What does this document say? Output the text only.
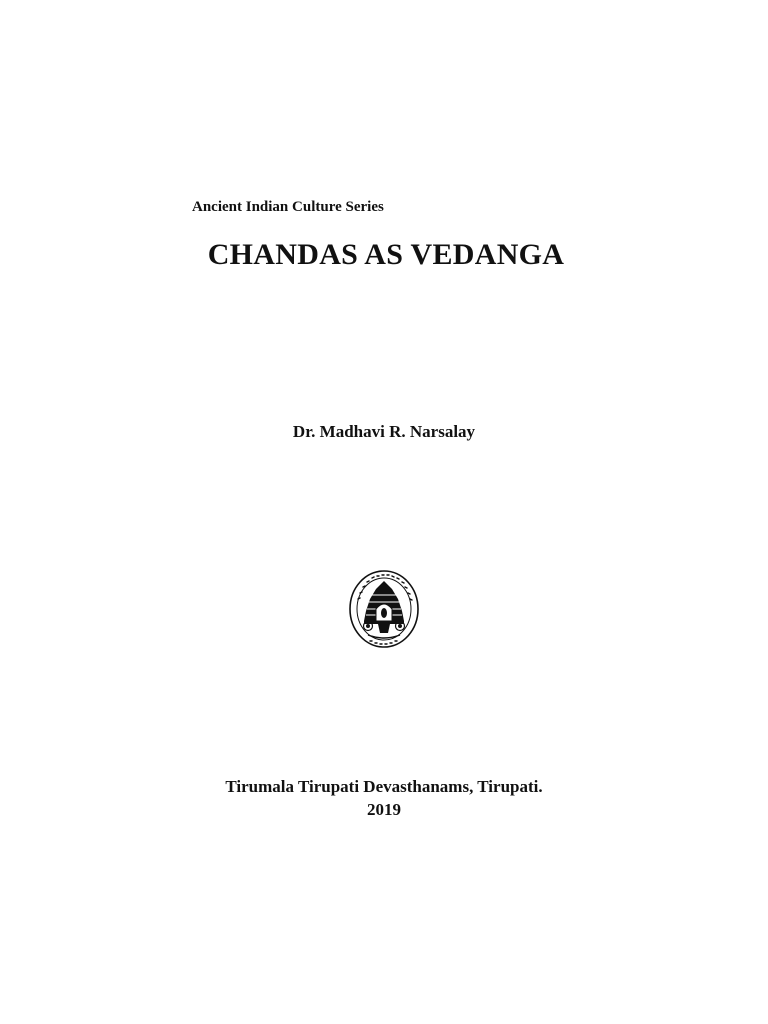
Ancient Indian Culture Series
CHANDAS AS VEDANGA
Dr. Madhavi R. Narsalay
Tirumala Tirupati Devasthanams, Tirupati.
2019
